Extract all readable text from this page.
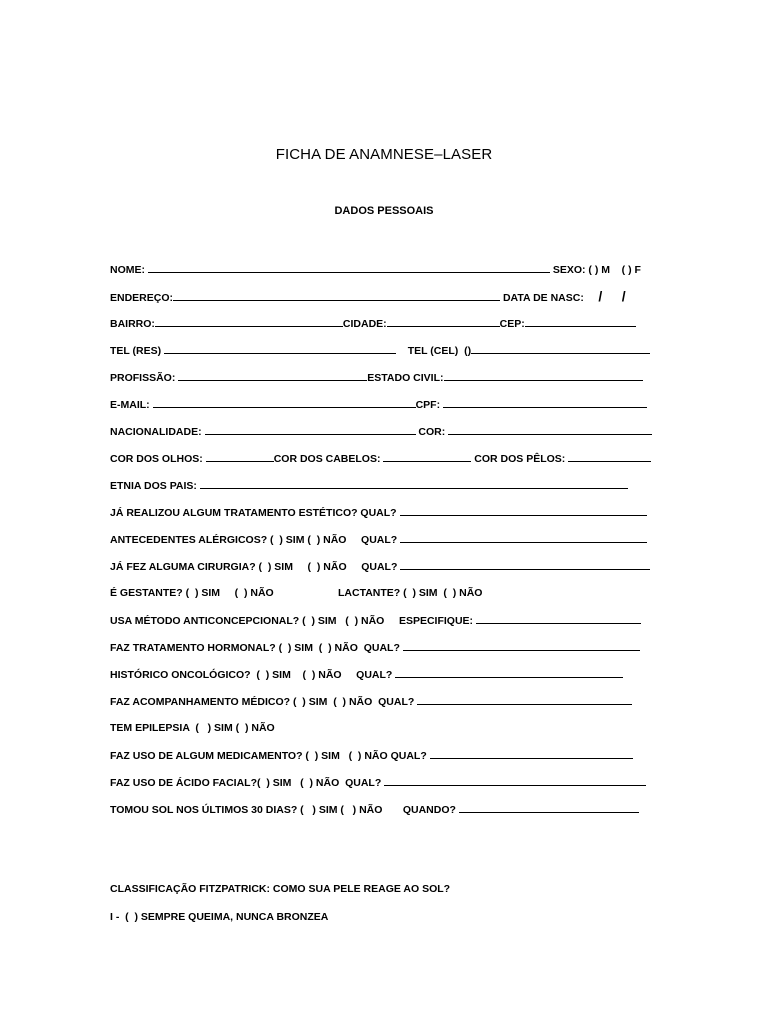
FICHA DE ANAMNESE–LASER
DADOS PESSOAIS
NOME:	SEXO: ( ) M    ( ) F
ENDEREÇO:	DATA DE NASC: /     /
BAIRRO:	CIDADE:	CEP:
TEL (RES)	TEL (CEL)  ()
PROFISSÃO:	ESTADO CIVIL:
E-MAIL:	CPF:
NACIONALIDADE:	COR:
COR DOS OLHOS:	COR DOS CABELOS:	COR DOS PÊLOS:
ETNIA DOS PAIS:
JÁ REALIZOU ALGUM TRATAMENTO ESTÉTICO? QUAL?
ANTECEDENTES ALÉRGICOS? (  ) SIM (  ) NÃO     QUAL?
JÁ FEZ ALGUMA CIRURGIA? (  ) SIM     (  ) NÃO     QUAL?
É GESTANTE? (  ) SIM     (  ) NÃO	LACTANTE? (  ) SIM  (  ) NÃO
USA MÉTODO ANTICONCEPCIONAL? (  ) SIM   (  ) NÃO     ESPECIFIQUE:
FAZ TRATAMENTO HORMONAL? (  ) SIM  (  ) NÃO  QUAL?
HISTÓRICO ONCOLÓGICO?  (  ) SIM    (  ) NÃO     QUAL?
FAZ ACOMPANHAMENTO MÉDICO? (  ) SIM  (  ) NÃO  QUAL?
TEM EPILEPSIA  (   ) SIM (  ) NÃO
FAZ USO DE ALGUM MEDICAMENTO? (  ) SIM   (  ) NÃO QUAL?
FAZ USO DE ÁCIDO FACIAL?(  ) SIM   (  ) NÃO  QUAL?
TOMOU SOL NOS ÚLTIMOS 30 DIAS? (   ) SIM (   ) NÃO       QUANDO?
CLASSIFICAÇÃO FITZPATRICK: COMO SUA PELE REAGE AO SOL?
I -  (  ) SEMPRE QUEIMA, NUNCA BRONZEA
